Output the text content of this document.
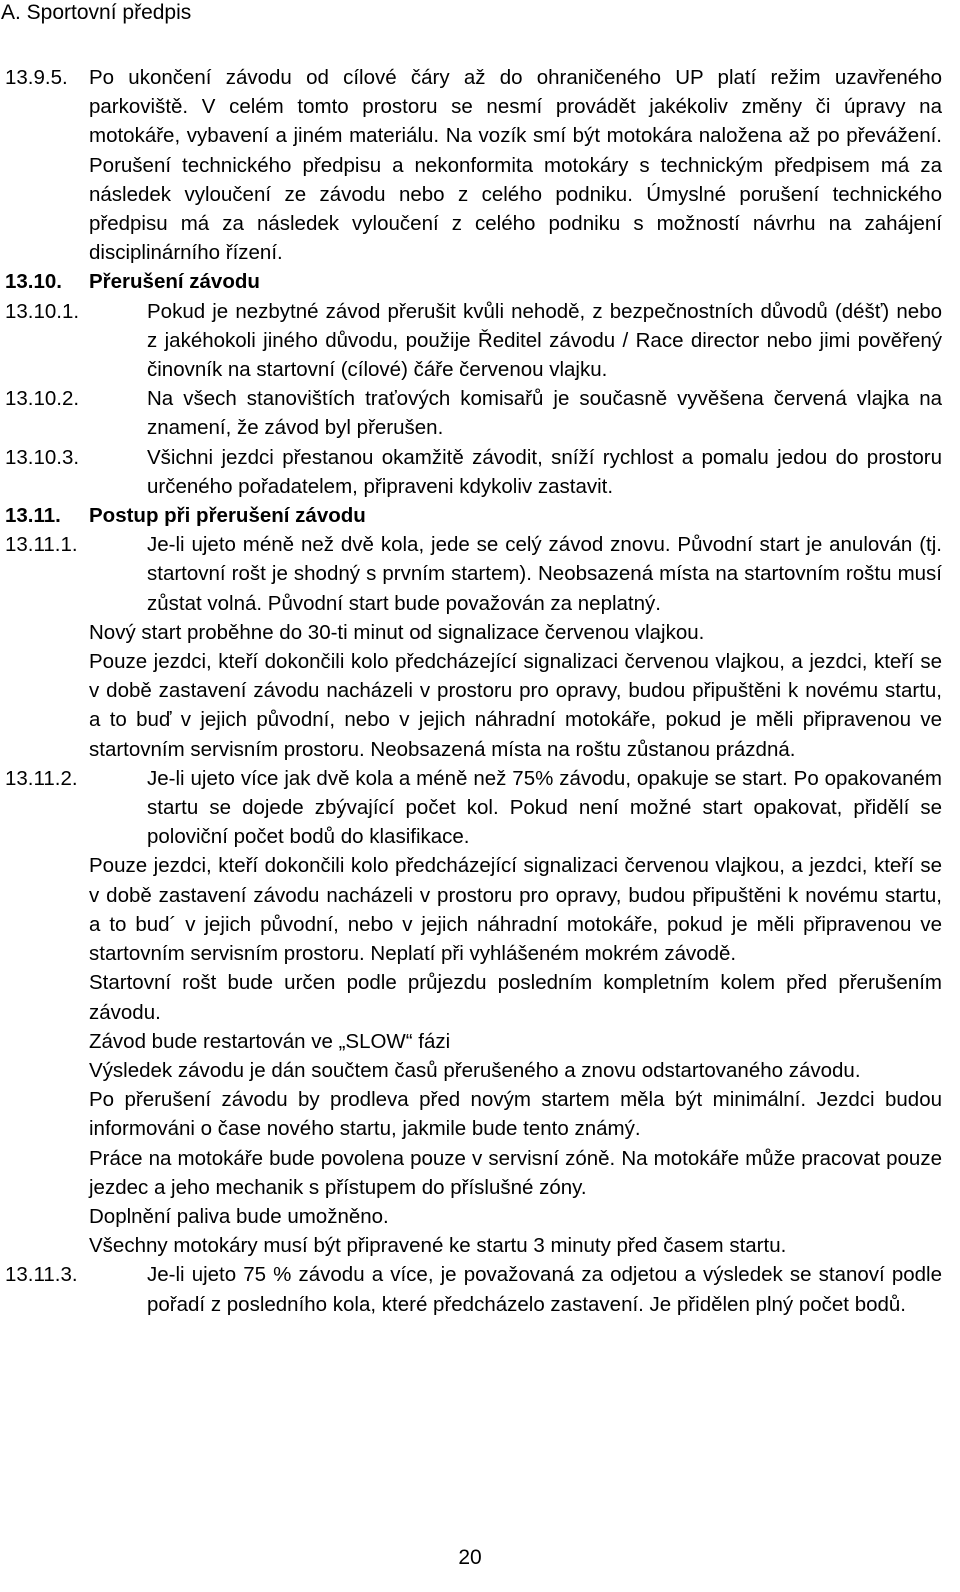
A. Sportovní předpis
13.9.5. Po ukončení závodu od cílové čáry až do ohraničeného UP platí režim uzavřeného parkoviště. V celém tomto prostoru se nesmí provádět jakékoliv změny či úpravy na motokáře, vybavení a jiném materiálu. Na vozík smí být motokára naložena až po převážení. Porušení technického předpisu a nekonformita motokáry s technickým předpisem má za následek vyloučení ze závodu nebo z celého podniku. Úmyslné porušení technického předpisu má za následek vyloučení z celého podniku s možností návrhu na zahájení disciplinárního řízení.

13.10. Přerušení závodu
13.10.1.	Pokud je nezbytné závod přerušit kvůli nehodě, z bezpečnostních důvodů (déšť) nebo z jakéhokoli jiného důvodu, použije Ředitel závodu / Race director nebo jimi pověřený činovník na startovní (cílové) čáře červenou vlajku.

13.10.2.	Na všech stanovištích traťových komisařů je současně vyvěšena červená vlajka na znamení, že závod byl přerušen.

13.10.3.	Všichni jezdci přestanou okamžitě závodit, sníží rychlost a pomalu jedou do prostoru určeného pořadatelem, připraveni kdykoliv zastavit.

13.11. Postup při přerušení závodu
13.11.1.	Je-li ujeto méně než dvě kola, jede se celý závod znovu. Původní start je anulován (tj. startovní rošt je shodný s prvním startem). Neobsazená místa na startovním roštu musí zůstat volná. Původní start bude považován za neplatný.

Nový start proběhne do 30-ti minut od signalizace červenou vlajkou.

Pouze jezdci, kteří dokončili kolo předcházející signalizaci červenou vlajkou, a jezdci, kteří se v době zastavení závodu nacházeli v prostoru pro opravy, budou připuštěni k novému startu, a to buď v jejich původní, nebo v jejich náhradní motokáře, pokud je měli připravenou ve startovním servisním prostoru. Neobsazená místa na roštu zůstanou prázdná.

13.11.2.	Je-li ujeto více jak dvě kola a méně než 75% závodu, opakuje se start. Po opakovaném startu se dojede zbývající počet kol. Pokud není možné start opakovat, přidělí se poloviční počet bodů do klasifikace.

Pouze jezdci, kteří dokončili kolo předcházející signalizaci červenou vlajkou, a jezdci, kteří se v době zastavení závodu nacházeli v prostoru pro opravy, budou připuštěni k novému startu, a to bud´ v jejich původní, nebo v jejich náhradní motokáře, pokud je měli připravenou ve startovním servisním prostoru. Neplatí při vyhlášeném mokrém závodě.

Startovní rošt bude určen podle průjezdu posledním kompletním kolem před přerušením závodu.

Závod bude restartován ve „SLOW“ fázi

Výsledek závodu je dán součtem časů přerušeného a znovu odstartovaného závodu.

Po přerušení závodu by prodleva před novým startem měla být minimální. Jezdci budou informováni o čase nového startu, jakmile bude tento známý.

Práce na motokáře bude povolena pouze v servisní zóně. Na motokáře může pracovat pouze jezdec a jeho mechanik s přístupem do příslušné zóny.

Doplnění paliva bude umožněno.

Všechny motokáry musí být připravené ke startu 3 minuty před časem startu.

13.11.3.	Je-li ujeto 75 % závodu a více, je považovaná za odjetou a výsledek se stanoví podle pořadí z posledního kola, které předcházelo zastavení. Je přidělen plný počet bodů.

20
